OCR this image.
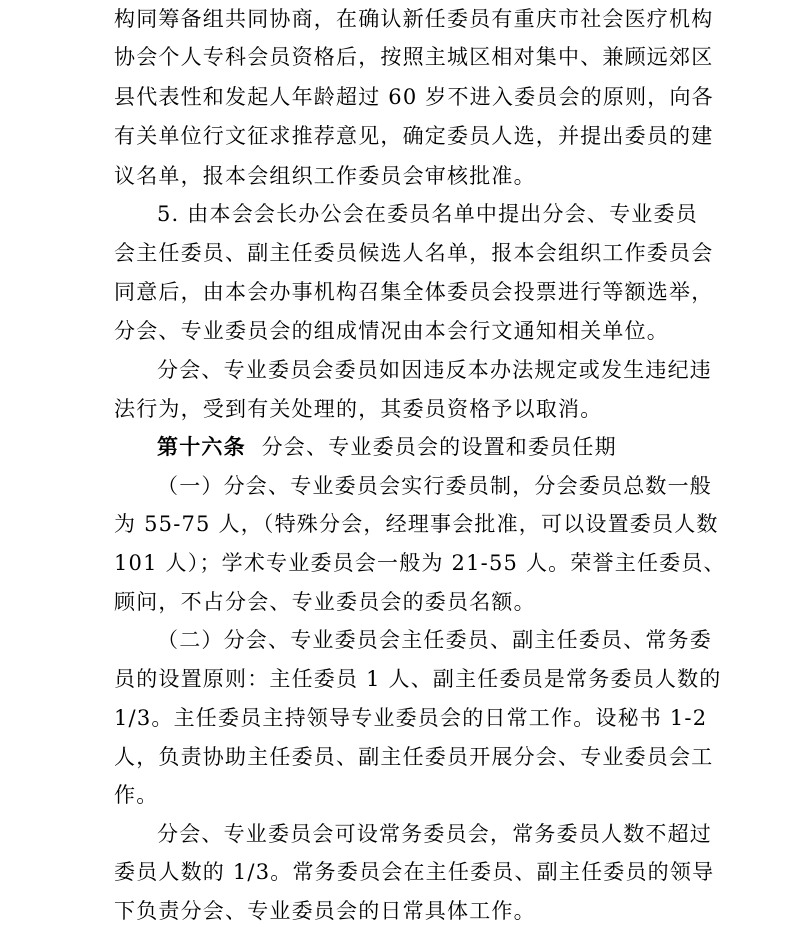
构同筹备组共同协商，在确认新任委员有重庆市社会医疗机构
协会个人专科会员资格后，按照主城区相对集中、兼顾远郊区
县代表性和发起人年龄超过 60 岁不进入委员会的原则，向各
有关单位行文征求推荐意见，确定委员人选，并提出委员的建
议名单，报本会组织工作委员会审核批准。
5. 由本会会长办公会在委员名单中提出分会、专业委员
会主任委员、副主任委员候选人名单，报本会组织工作委员会
同意后，由本会办事机构召集全体委员会投票进行等额选举，
分会、专业委员会的组成情况由本会行文通知相关单位。
分会、专业委员会委员如因违反本办法规定或发生违纪违
法行为，受到有关处理的，其委员资格予以取消。
第十六条 分会、专业委员会的设置和委员任期
（一）分会、专业委员会实行委员制，分会委员总数一般
为 55-75 人，（特殊分会，经理事会批准，可以设置委员人数
101 人）；学术专业委员会一般为 21-55 人。荣誉主任委员、
顾问，不占分会、专业委员会的委员名额。
（二）分会、专业委员会主任委员、副主任委员、常务委
员的设置原则：主任委员 1 人、副主任委员是常务委员人数的
1/3。主任委员主持领导专业委员会的日常工作。设秘书 1-2
人，负责协助主任委员、副主任委员开展分会、专业委员会工
作。
分会、专业委员会可设常务委员会，常务委员人数不超过
委员人数的 1/3。常务委员会在主任委员、副主任委员的领导
下负责分会、专业委员会的日常具体工作。
